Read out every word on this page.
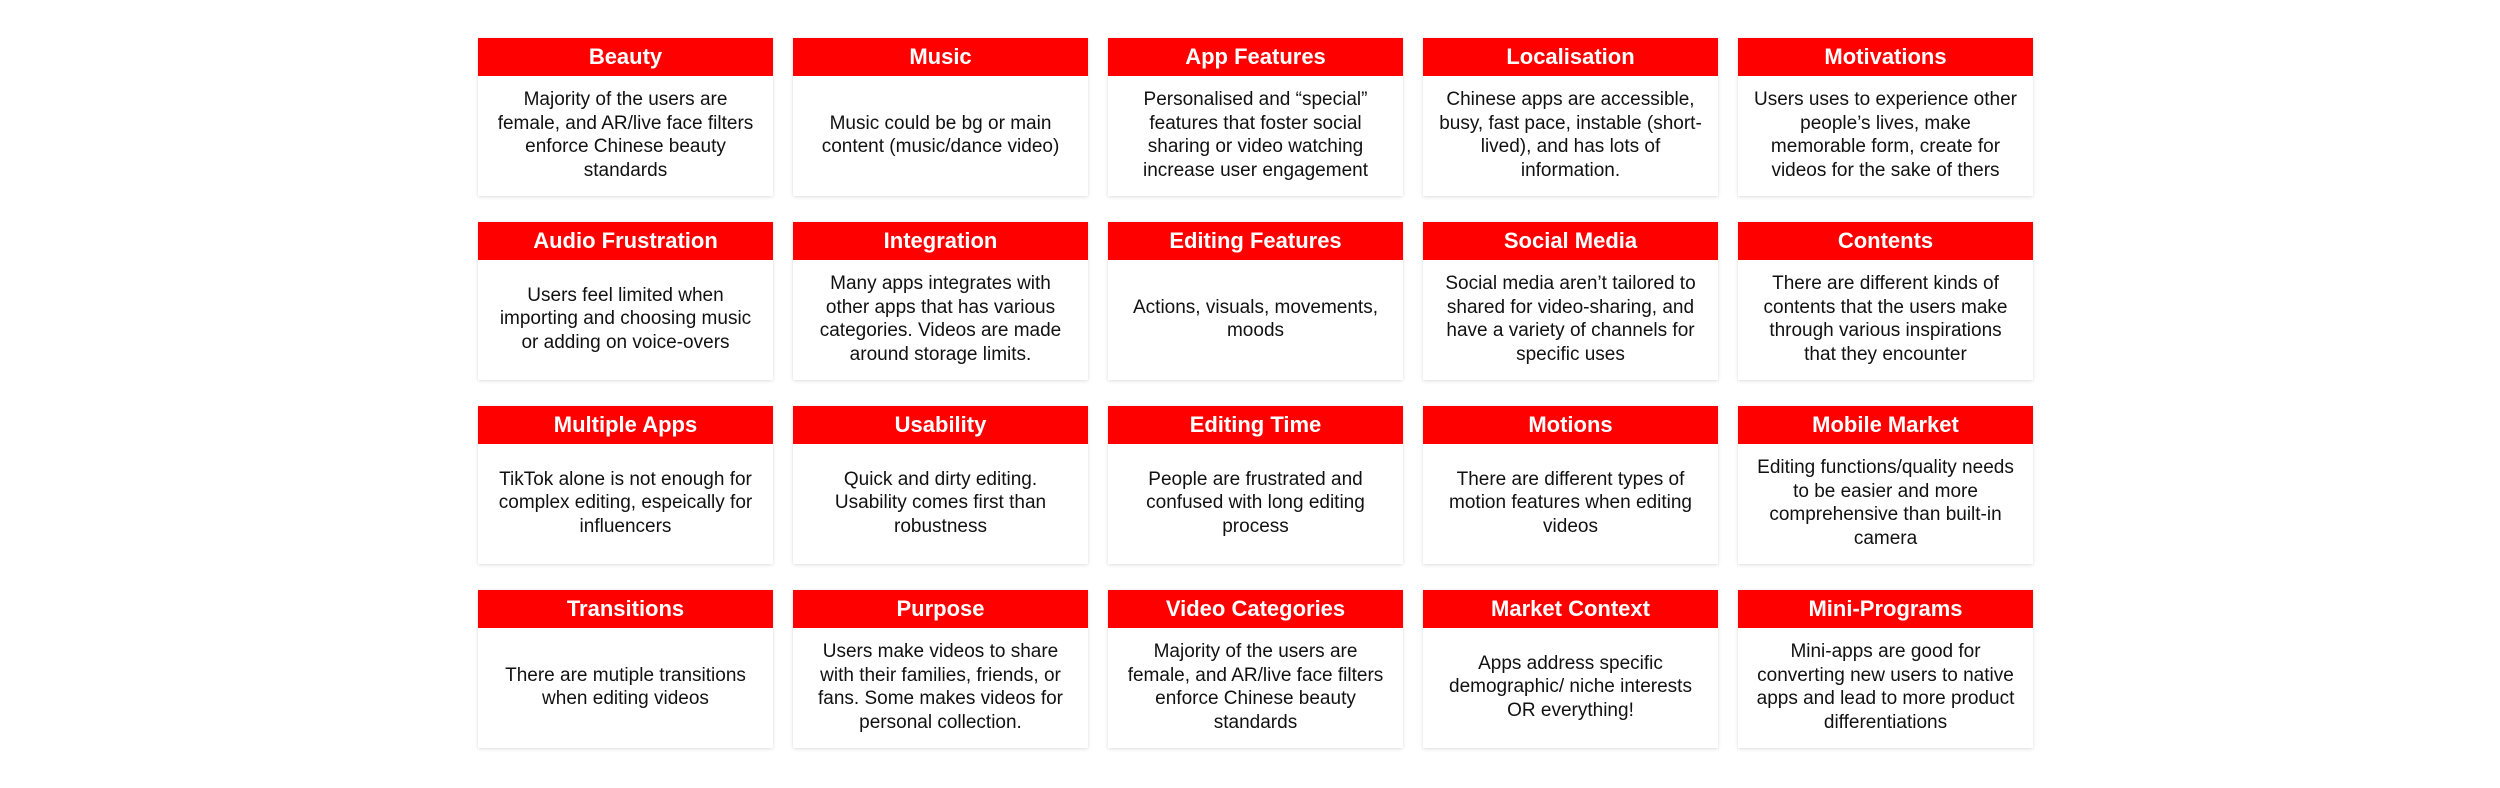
Beauty
Majority of the users are female, and AR/live face filters enforce Chinese beauty standards
Music
Music could be bg or main content (music/dance video)
App Features
Personalised and “special” features that foster social sharing or video watching increase user engagement
Localisation
Chinese apps are accessible, busy, fast pace, instable (short-lived), and has lots of information.
Motivations
Users uses to experience other people’s lives, make memorable form, create for videos for the sake of thers
Audio Frustration
Users feel limited when importing and choosing music or adding on voice-overs
Integration
Many apps integrates with other apps that has various categories. Videos are made around storage limits.
Editing Features
Actions, visuals, movements, moods
Social Media
Social media aren’t tailored to shared for video-sharing, and have a variety of channels for specific uses
Contents
There are different kinds of contents that the users make through various inspirations that they encounter
Multiple Apps
TikTok alone is not enough for complex editing, espeically for influencers
Usability
Quick and dirty editing. Usability comes first than robustness
Editing Time
People are frustrated and confused with long editing process
Motions
There are different types of motion features when editing videos
Mobile Market
Editing functions/quality needs to be easier and more comprehensive than built-in camera
Transitions
There are mutiple transitions when editing videos
Purpose
Users make videos to share with their families, friends, or fans. Some makes videos for personal collection.
Video Categories
Majority of the users are female, and AR/live face filters enforce Chinese beauty standards
Market Context
Apps address specific demographic/ niche interests OR everything!
Mini-Programs
Mini-apps are good for converting new users to native apps and lead to more product differentiations
